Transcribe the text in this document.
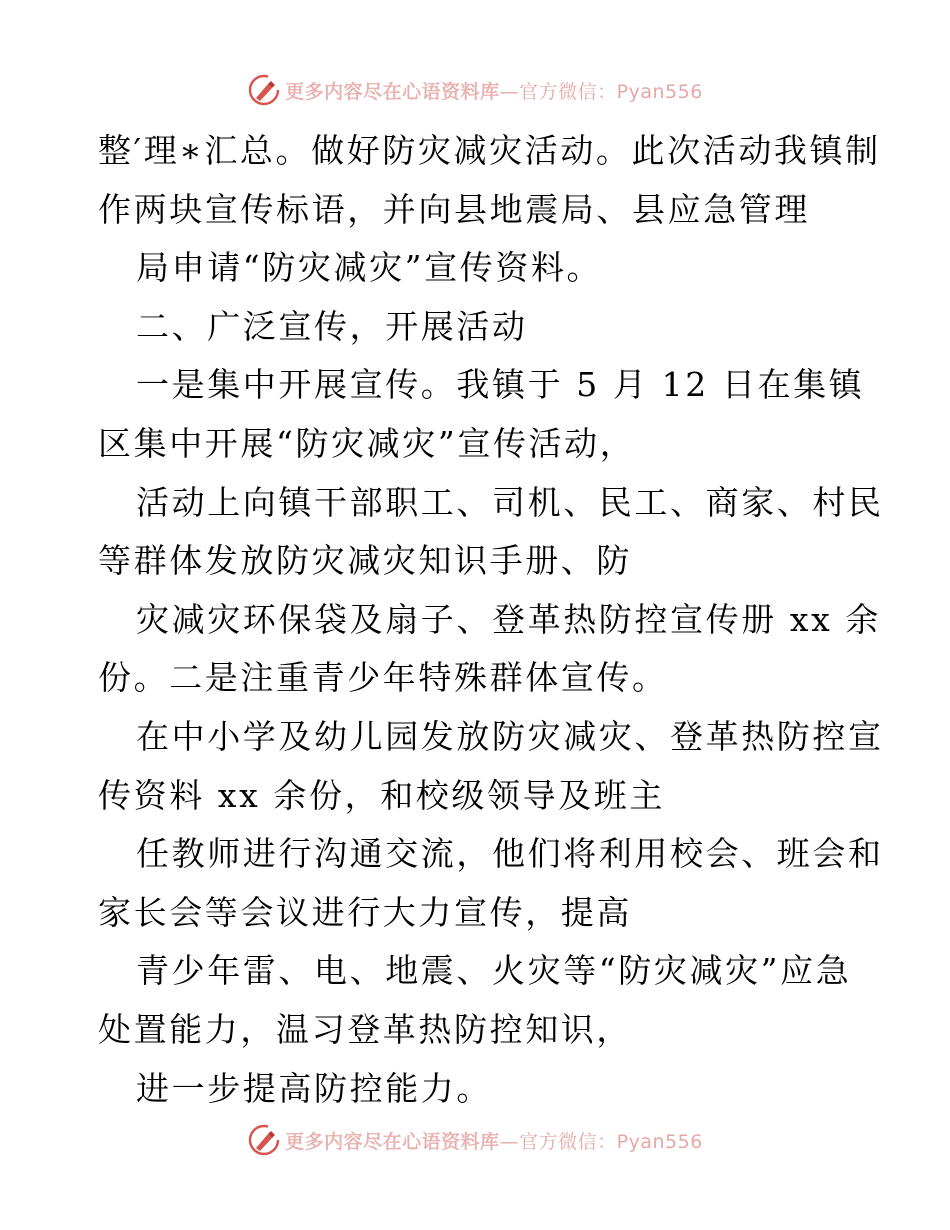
更多内容尽在心语资料库—官方微信：Pyan556
整′理∗汇总。做好防灾减灾活动。此次活动我镇制
作两块宣传标语，并向县地震局、县应急管理
局申请“防灾减灾”宣传资料。
二、广泛宣传，开展活动
一是集中开展宣传。我镇于 5 月 12 日在集镇
区集中开展“防灾减灾”宣传活动，
活动上向镇干部职工、司机、民工、商家、村民
等群体发放防灾减灾知识手册、防
灾减灾环保袋及扇子、登革热防控宣传册 xx 余
份。二是注重青少年特殊群体宣传。
在中小学及幼儿园发放防灾减灾、登革热防控宣
传资料 xx 余份，和校级领导及班主
任教师进行沟通交流，他们将利用校会、班会和
家长会等会议进行大力宣传，提高
青少年雷、电、地震、火灾等“防灾减灾”应急
处置能力，温习登革热防控知识，
进一步提高防控能力。
更多内容尽在心语资料库—官方微信：Pyan556
